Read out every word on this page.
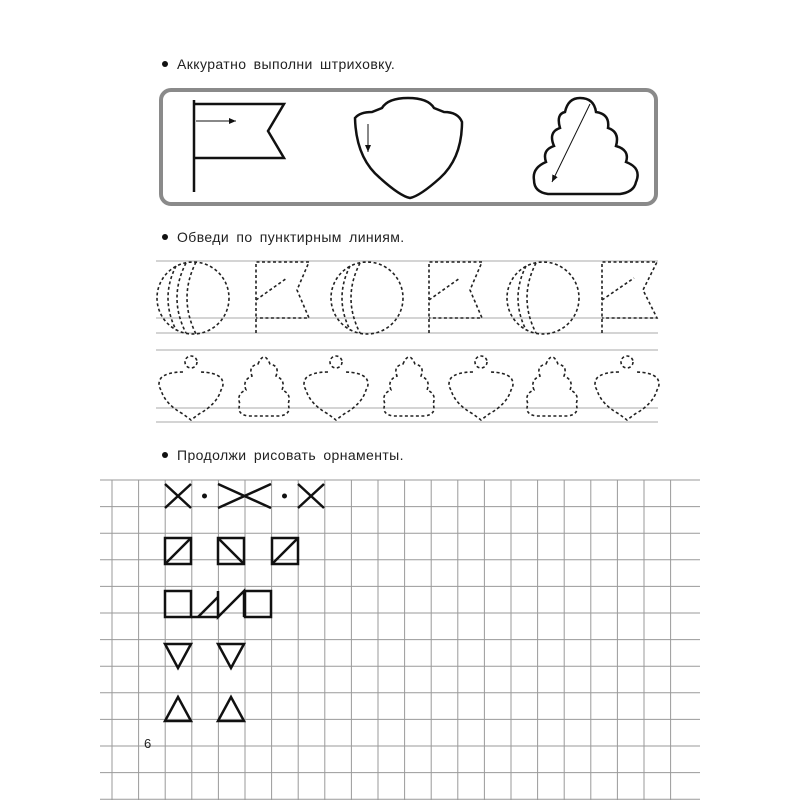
Аккуратно выполни штриховку.
Обведи по пунктирным линиям.
Продолжи рисовать орнаменты.
6
